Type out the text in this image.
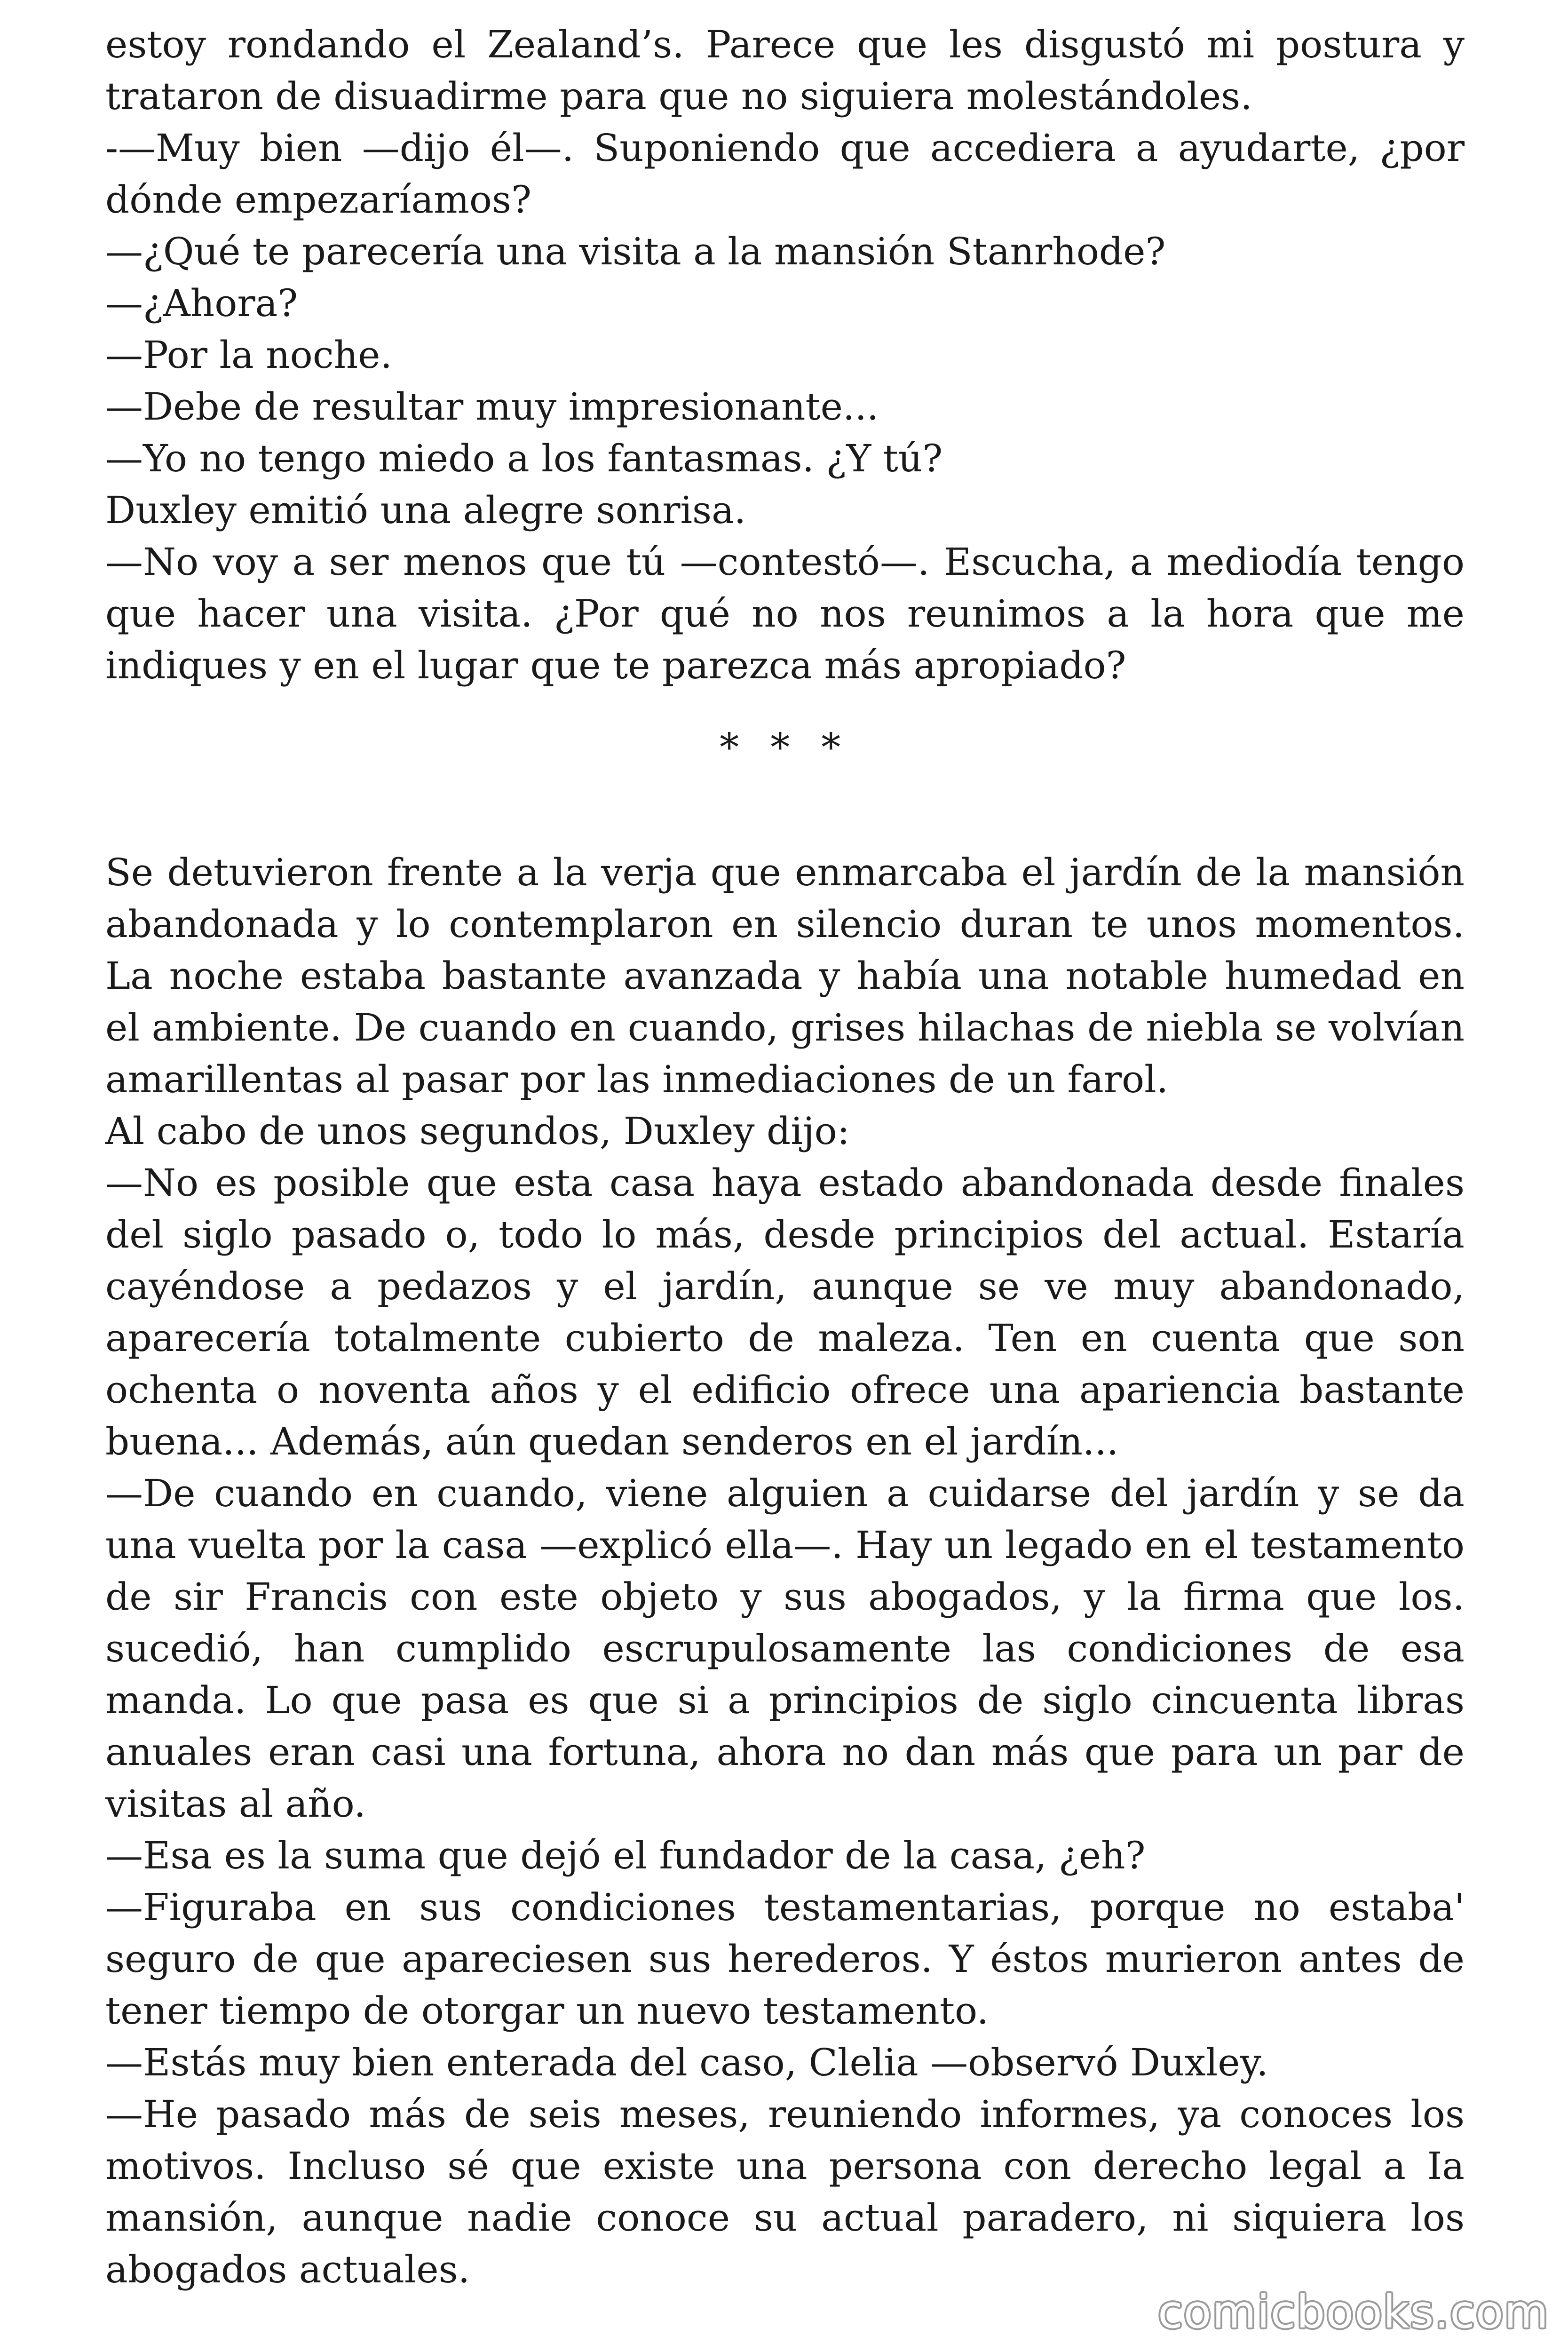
estoy rondando el Zealand’s. Parece que les disgustó mi postura y trataron de disuadirme para que no siguiera molestándoles.

-—Muy bien —dijo él—. Suponiendo que accediera a ayudarte, ¿por dónde empezaríamos?

—¿Qué te parecería una visita a la mansión Stanrhode?

—¿Ahora?

—Por la noche.

—Debe de resultar muy impresionante...

—Yo no tengo miedo a los fantasmas. ¿Y tú?

Duxley emitió una alegre sonrisa.

—No voy a ser menos que tú —contestó—. Escucha, a mediodía tengo que hacer una visita. ¿Por qué no nos reunimos a la hora que me indiques y en el lugar que te parezca más apropiado?

* * *

Se detuvieron frente a la verja que enmarcaba el jardín de la mansión abandonada y lo contemplaron en silencio duran te unos momentos. La noche estaba bastante avanzada y había una notable humedad en el ambiente. De cuando en cuando, grises hilachas de niebla se volvían amarillentas al pasar por las inmediaciones de un farol.

Al cabo de unos segundos, Duxley dijo:

—No es posible que esta casa haya estado abandonada desde finales del siglo pasado o, todo lo más, desde principios del actual. Estaría cayéndose a pedazos y el jardín, aunque se ve muy abandonado, aparecería totalmente cubierto de maleza. Ten en cuenta que son ochenta o noventa años y el edificio ofrece una apariencia bastante buena... Además, aún quedan senderos en el jardín...

—De cuando en cuando, viene alguien a cuidarse del jardín y se da una vuelta por la casa —explicó ella—. Hay un legado en el testamento de sir Francis con este objeto y sus abogados, y la firma que los. sucedió, han cumplido escrupulosamente las condiciones de esa manda. Lo que pasa es que si a principios de siglo cincuenta libras anuales eran casi una fortuna, ahora no dan más que para un par de visitas al año.

—Esa es la suma que dejó el fundador de la casa, ¿eh?

—Figuraba en sus condiciones testamentarias, porque no estaba' seguro de que apareciesen sus herederos. Y éstos murieron antes de tener tiempo de otorgar un nuevo testamento.

—Estás muy bien enterada del caso, Clelia —observó Duxley.

—He pasado más de seis meses, reuniendo informes, ya conoces los motivos. Incluso sé que existe una persona con derecho legal a Ia mansión, aunque nadie conoce su actual paradero, ni siquiera los abogados actuales.

comicbooks.com
